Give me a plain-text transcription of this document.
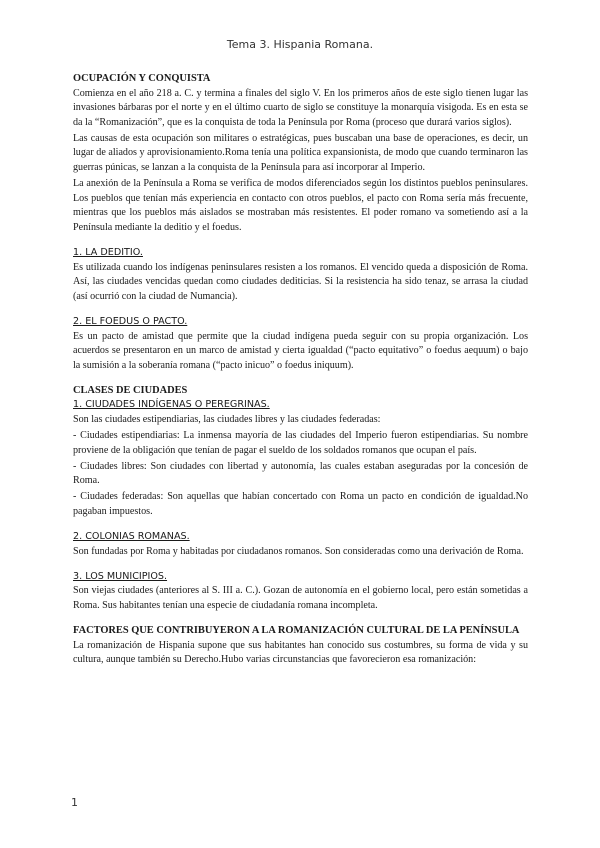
Tema 3. Hispania Romana.
OCUPACIÓN Y CONQUISTA

Comienza en el año 218 a. C. y termina a finales del siglo V. En los primeros años de este siglo tienen lugar las invasiones bárbaras por el norte y en el último cuarto de siglo se constituye la monarquía visigoda. Es en esta se da la “Romanización”, que es la conquista de toda la Península por Roma (proceso que durará varios siglos).

Las causas de esta ocupación son militares o estratégicas, pues buscaban una base de operaciones, es decir, un lugar de aliados y aprovisionamiento.Roma tenía una política expansionista, de modo que cuando terminaron las guerras púnicas, se lanzan a la conquista de la Península para así incorporar al Imperio.

La anexión de la Península a Roma se verifica de modos diferenciados según los distintos pueblos peninsulares. Los pueblos que tenían más experiencia en contacto con otros pueblos, el pacto con Roma sería más frecuente, mientras que los pueblos más aislados se mostraban más resistentes. El poder romano va sometiendo así a la Península mediante la deditio y el foedus.

1. LA DEDITIO.

Es utilizada cuando los indígenas peninsulares resisten a los romanos. El vencido queda a disposición de Roma. Así, las ciudades vencidas quedan como ciudades dediticias. Si la resistencia ha sido tenaz, se arrasa la ciudad (así ocurrió con la ciudad de Numancia).

2. EL FOEDUS O PACTO.

Es un pacto de amistad que permite que la ciudad indígena pueda seguir con su propia organización. Los acuerdos se presentaron en un marco de amistad y cierta igualdad (“pacto equitativo” o foedus aequum) o bajo la sumisión a la soberanía romana (“pacto inicuo” o foedus iniquum).

CLASES DE CIUDADES
1. CIUDADES INDÍGENAS O PEREGRINAS.

Son las ciudades estipendiarias, las ciudades libres y las ciudades federadas:

- Ciudades estipendiarias: La inmensa mayoría de las ciudades del Imperio fueron estipendiarias. Su nombre proviene de la obligación que tenían de pagar el sueldo de los soldados romanos que ocupan el país.

- Ciudades libres: Son ciudades con libertad y autonomía, las cuales estaban aseguradas por la concesión de Roma.

- Ciudades federadas: Son aquellas que habían concertado con Roma un pacto en condición de igualdad.No pagaban impuestos.

2. COLONIAS ROMANAS.

Son fundadas por Roma y habitadas por ciudadanos romanos. Son consideradas como una derivación de Roma.

3. LOS MUNICIPIOS.

Son viejas ciudades (anteriores al S. III a. C.). Gozan de autonomía en el gobierno local, pero están sometidas a Roma. Sus habitantes tenían una especie de ciudadanía romana incompleta.

FACTORES QUE CONTRIBUYERON A LA ROMANIZACIÓN CULTURAL DE LA PENÍNSULA

La romanización de Hispania supone que sus habitantes han conocido sus costumbres, su forma de vida y su cultura, aunque también su Derecho.Hubo varias circunstancias que favorecieron esa romanización:

1
